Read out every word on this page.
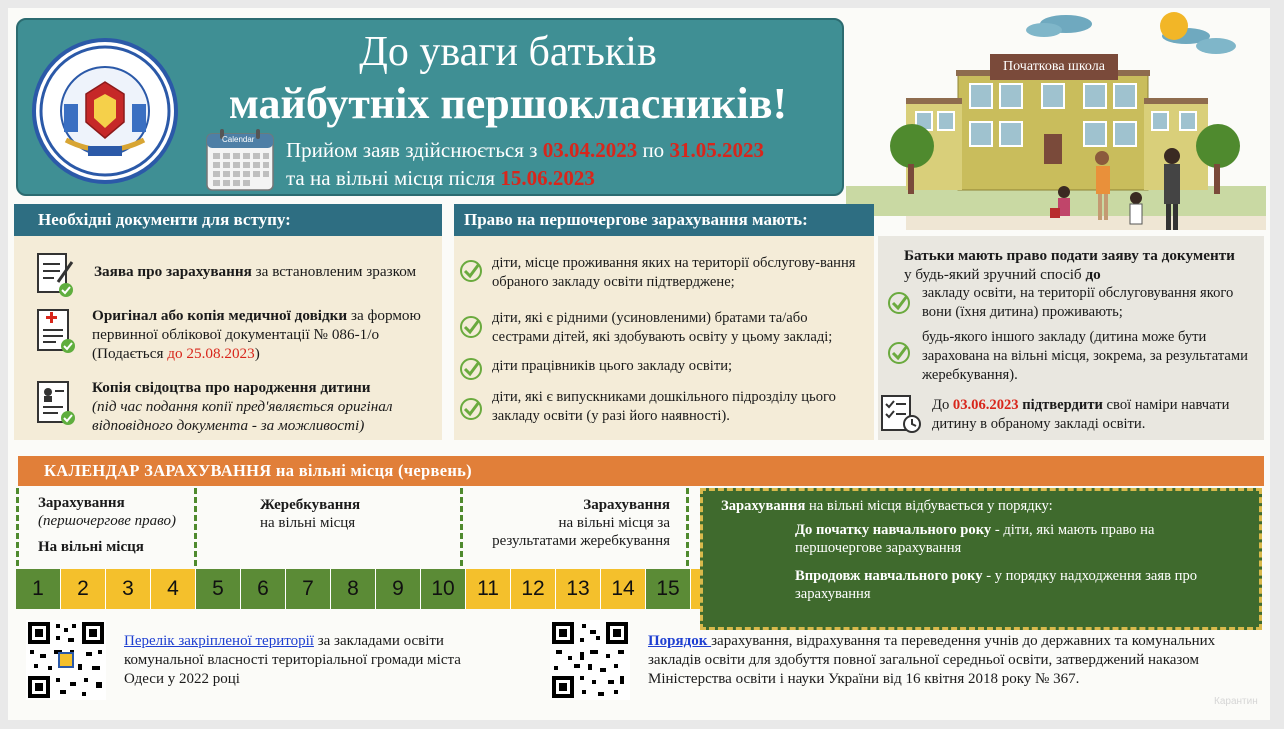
До уваги батьків
майбутніх першокласників!
Calendar Прийом заяв здійснюється з 03.04.2023 по 31.05.2023
та на вільні місця після 15.06.2023
Початкова школа
Необхідні документи для вступу:	Право на першочергове зарахування мають:
Заява про зарахування за встановленим зразком
Оригінал або копія медичної довідки за формою первинної облікової документації № 086-1/о (Подається до 25.08.2023)
Копія свідоцтва про народження дитини
(під час подання копії пред'являється оригінал відповідного документа - за можливості)
діти, місце проживання яких на території обслугову-вання обраного закладу освіти підтверджене;
діти, які є рідними (усиновленими) братами та/або сестрами дітей, які здобувають освіту у цьому закладі;
діти працівників цього закладу освіти;
діти, які є випускниками дошкільного підрозділу цього закладу освіти (у разі його наявності).
Батьки мають право подати заяву та документи
у будь-який зручний спосіб до
закладу освіти, на території обслуговування якого вони (їхня дитина) проживають;
будь-якого іншого закладу (дитина може бути зарахована на вільні місця, зокрема, за результатами жеребкування).
До 03.06.2023 підтвердити свої наміри навчати дитину в обраному закладі освіти.
КАЛЕНДАР ЗАРАХУВАННЯ на вільні місця (червень)
Зарахування
(першочергове право)
На вільні місця
Жеребкування
на вільні місця
Зарахування
на вільні місця за
результатами жеребкування
1	2	3	4	5	6	7	8	9	10	11	12	13	14	15
Зарахування на вільні місця відбувається у порядку:
До початку навчального року - діти, які мають право на першочергове зарахування
Впродовж навчального року - у порядку надходження заяв про зарахування
Перелік закріпленої території за закладами освіти комунальної власності територіальної громади міста Одеси у 2022 році
Порядок зарахування, відрахування та переведення учнів до державних та комунальних закладів освіти для здобуття повної загальної середньої освіти, затверджений наказом Міністерства освіти і науки України від 16 квітня 2018 року № 367.
Карантин
